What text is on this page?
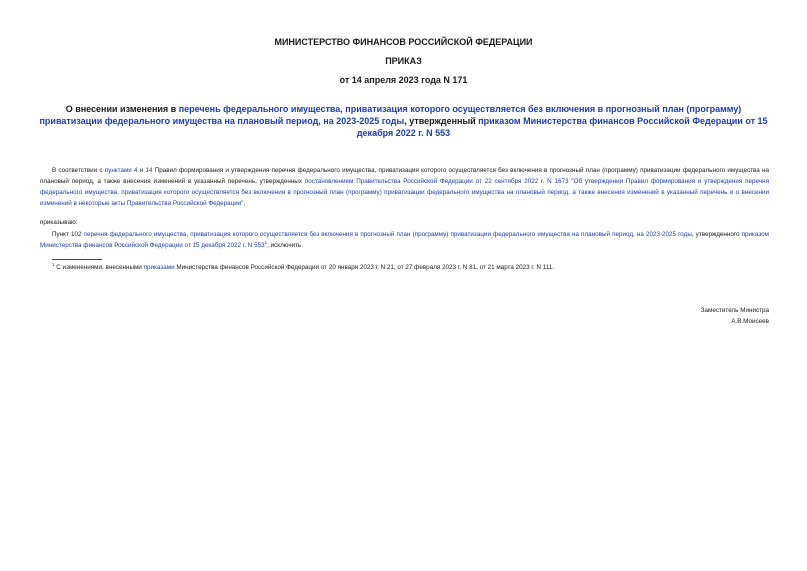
МИНИСТЕРСТВО ФИНАНСОВ РОССИЙСКОЙ ФЕДЕРАЦИИ
ПРИКАЗ
от 14 апреля 2023 года N 171
О внесении изменения в перечень федерального имущества, приватизация которого осуществляется без включения в прогнозный план (программу) приватизации федерального имущества на плановый период, на 2023-2025 годы, утвержденный приказом Министерства финансов Российской Федерации от 15 декабря 2022 г. N 553
В соответствии с пунктами 4 и 14 Правил формирования и утверждения перечня федерального имущества, приватизация которого осуществляется без включения в прогнозный план (программу) приватизации федерального имущества на плановый период, а также внесения изменений в указанный перечень, утвержденных постановлением Правительства Российской Федерации от 22 сентября 2022 г. N 1673 "Об утверждении Правил формирования и утверждения перечня федерального имущества, приватизация которого осуществляется без включения в прогнозный план (программу) приватизации федерального имущества на плановый период, а также внесения изменений в указанный перечень и о внесении изменений в некоторые акты Правительства Российской Федерации",
приказываю:
Пункт 102 перечня федерального имущества, приватизация которого осуществляется без включения в прогнозный план (программу) приватизации федерального имущества на плановый период, на 2023-2025 годы, утвержденного приказом Министерства финансов Российской Федерации от 15 декабря 2022 г. N $553^1$, исключить.
$^1$ С изменениями, внесенными приказами Министерства финансов Российской Федерации от 20 января 2023 г. N 21, от 27 февраля 2023 г. N 81, от 21 марта 2023 г. N 111.
Заместитель Министра
А.В.Моисеев
